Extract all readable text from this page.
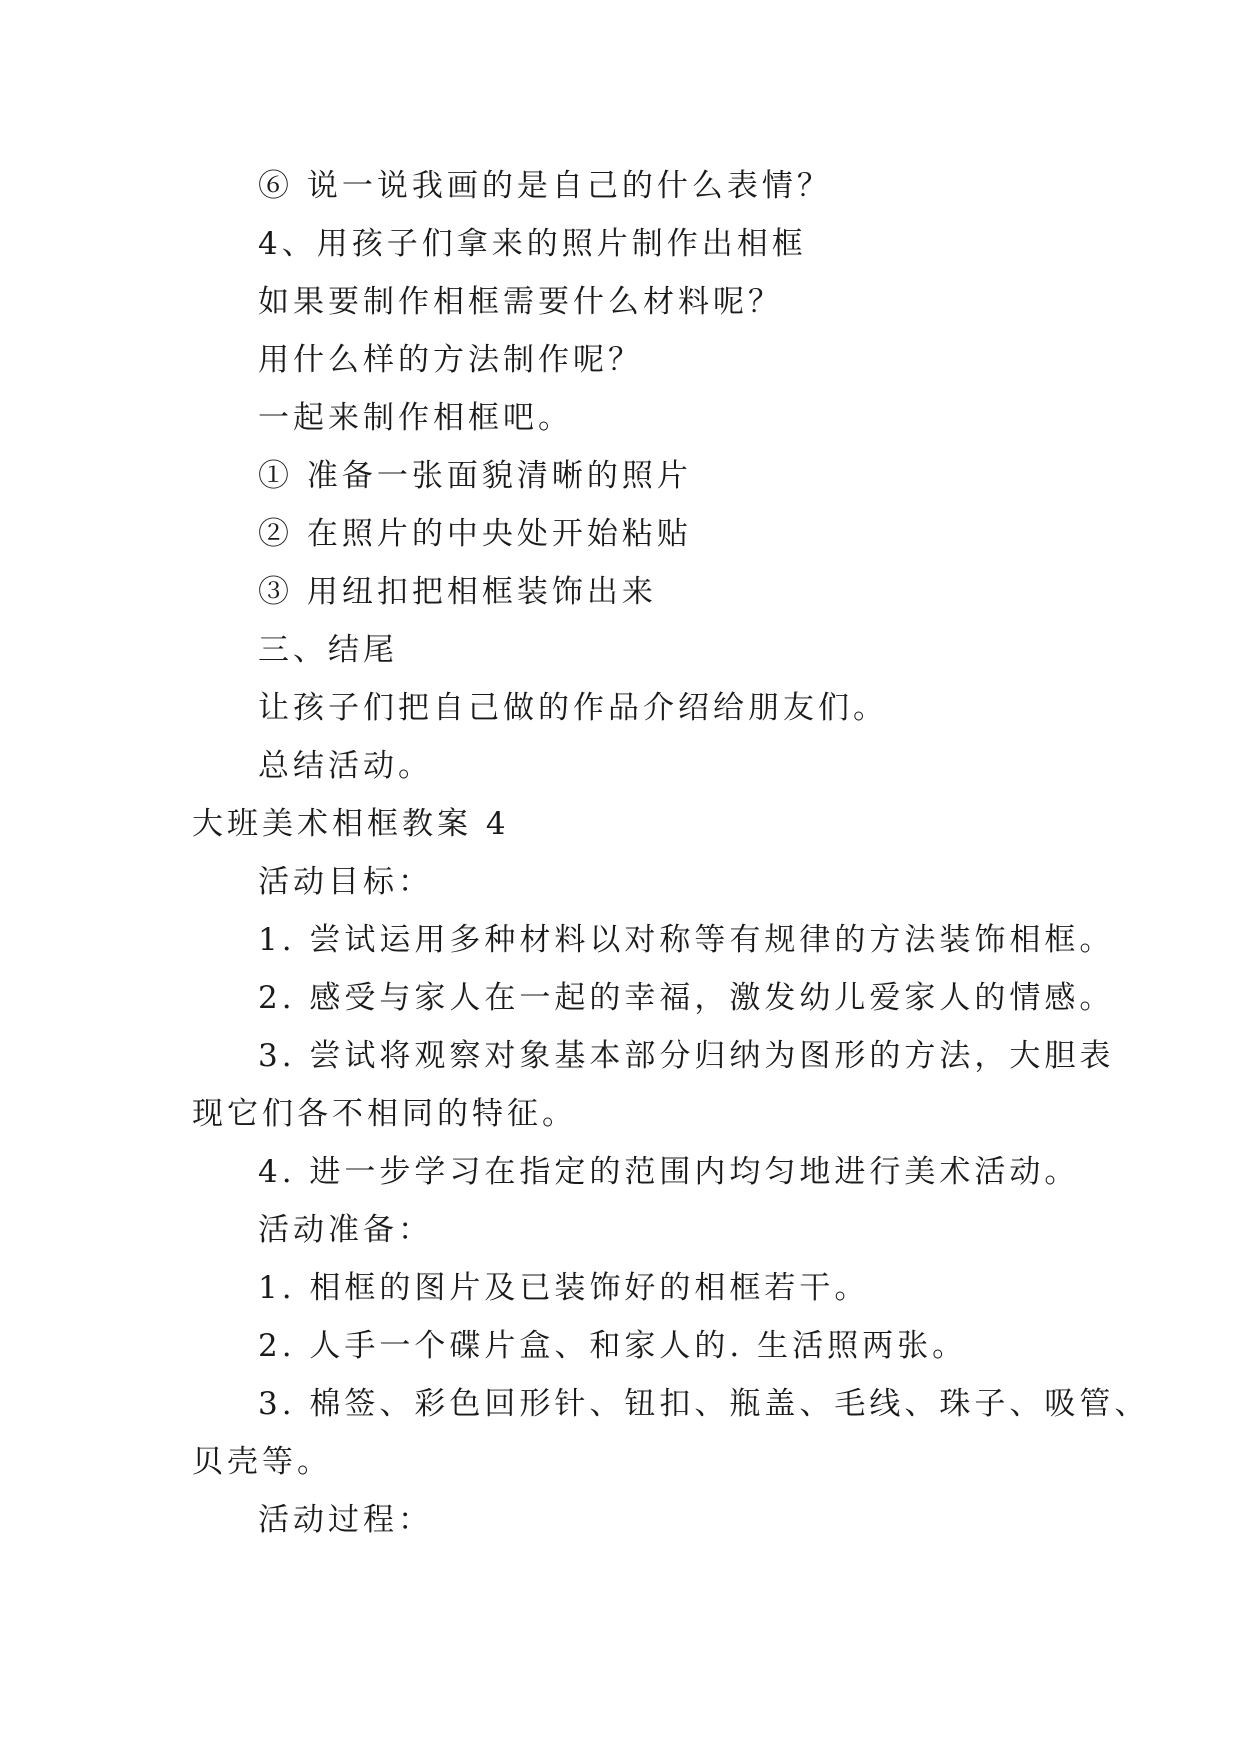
⑥ 说一说我画的是自己的什么表情？
4、用孩子们拿来的照片制作出相框
如果要制作相框需要什么材料呢？
用什么样的方法制作呢？
一起来制作相框吧。
① 准备一张面貌清晰的照片
② 在照片的中央处开始粘贴
③ 用纽扣把相框装饰出来
三、结尾
让孩子们把自己做的作品介绍给朋友们。
总结活动。
大班美术相框教案 4
活动目标：
1. 尝试运用多种材料以对称等有规律的方法装饰相框。
2. 感受与家人在一起的幸福，激发幼儿爱家人的情感。
3. 尝试将观察对象基本部分归纳为图形的方法，大胆表
现它们各不相同的特征。
4. 进一步学习在指定的范围内均匀地进行美术活动。
活动准备：
1. 相框的图片及已装饰好的相框若干。
2. 人手一个碟片盒、和家人的. 生活照两张。
3. 棉签、彩色回形针、钮扣、瓶盖、毛线、珠子、吸管、
贝壳等。
活动过程：
